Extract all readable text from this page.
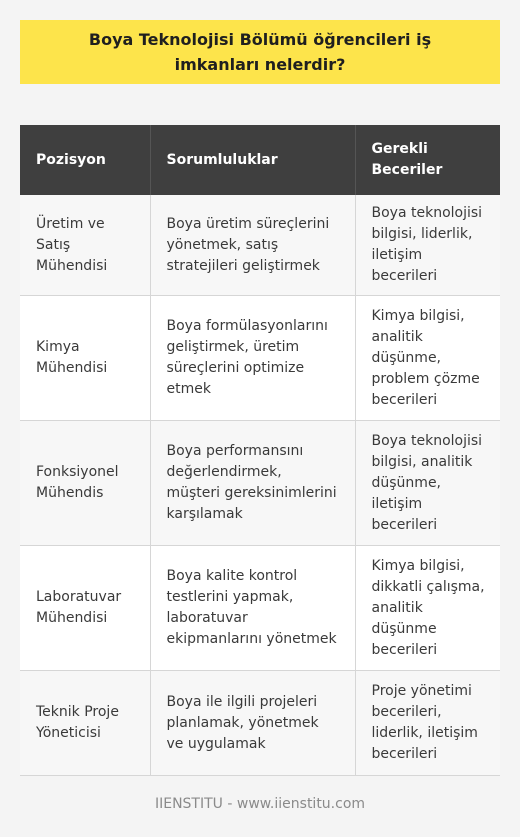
Boya Teknolojisi Bölümü öğrencileri iş imkanları nelerdir?
Pozisyon	Sorumluluklar	Gerekli Beceriler
Üretim ve Satış Mühendisi	Boya üretim süreçlerini yönetmek, satış stratejileri geliştirmek	Boya teknolojisi bilgisi, liderlik, iletişim becerileri
Kimya Mühendisi	Boya formülasyonlarını geliştirmek, üretim süreçlerini optimize etmek	Kimya bilgisi, analitik düşünme, problem çözme becerileri
Fonksiyonel Mühendis	Boya performansını değerlendirmek, müşteri gereksinimlerini karşılamak	Boya teknolojisi bilgisi, analitik düşünme, iletişim becerileri
Laboratuvar Mühendisi	Boya kalite kontrol testlerini yapmak, laboratuvar ekipmanlarını yönetmek	Kimya bilgisi, dikkatli çalışma, analitik düşünme becerileri
Teknik Proje Yöneticisi	Boya ile ilgili projeleri planlamak, yönetmek ve uygulamak	Proje yönetimi becerileri, liderlik, iletişim becerileri
IIENSTITU - www.iienstitu.com
